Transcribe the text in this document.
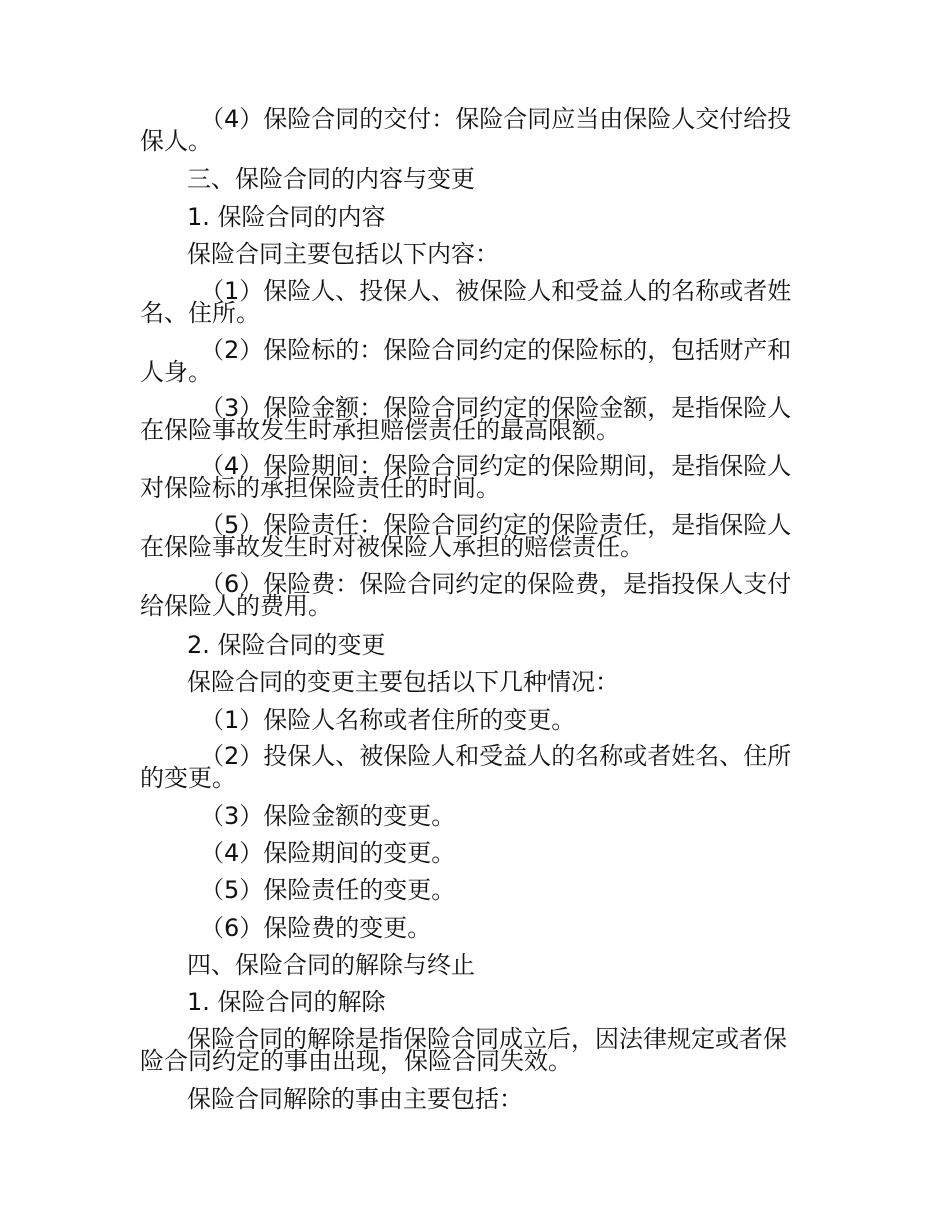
（4）保险合同的交付：保险合同应当由保险人交付给投保人。

三、保险合同的内容与变更

1. 保险合同的内容

保险合同主要包括以下内容：

（1）保险人、投保人、被保险人和受益人的名称或者姓名、住所。

（2）保险标的：保险合同约定的保险标的，包括财产和人身。

（3）保险金额：保险合同约定的保险金额，是指保险人在保险事故发生时承担赔偿责任的最高限额。

（4）保险期间：保险合同约定的保险期间，是指保险人对保险标的承担保险责任的时间。

（5）保险责任：保险合同约定的保险责任，是指保险人在保险事故发生时对被保险人承担的赔偿责任。

（6）保险费：保险合同约定的保险费，是指投保人支付给保险人的费用。

2. 保险合同的变更

保险合同的变更主要包括以下几种情况：

（1）保险人名称或者住所的变更。

（2）投保人、被保险人和受益人的名称或者姓名、住所的变更。

（3）保险金额的变更。

（4）保险期间的变更。

（5）保险责任的变更。

（6）保险费的变更。

四、保险合同的解除与终止

1. 保险合同的解除

保险合同的解除是指保险合同成立后，因法律规定或者保险合同约定的事由出现，保险合同失效。

保险合同解除的事由主要包括：
